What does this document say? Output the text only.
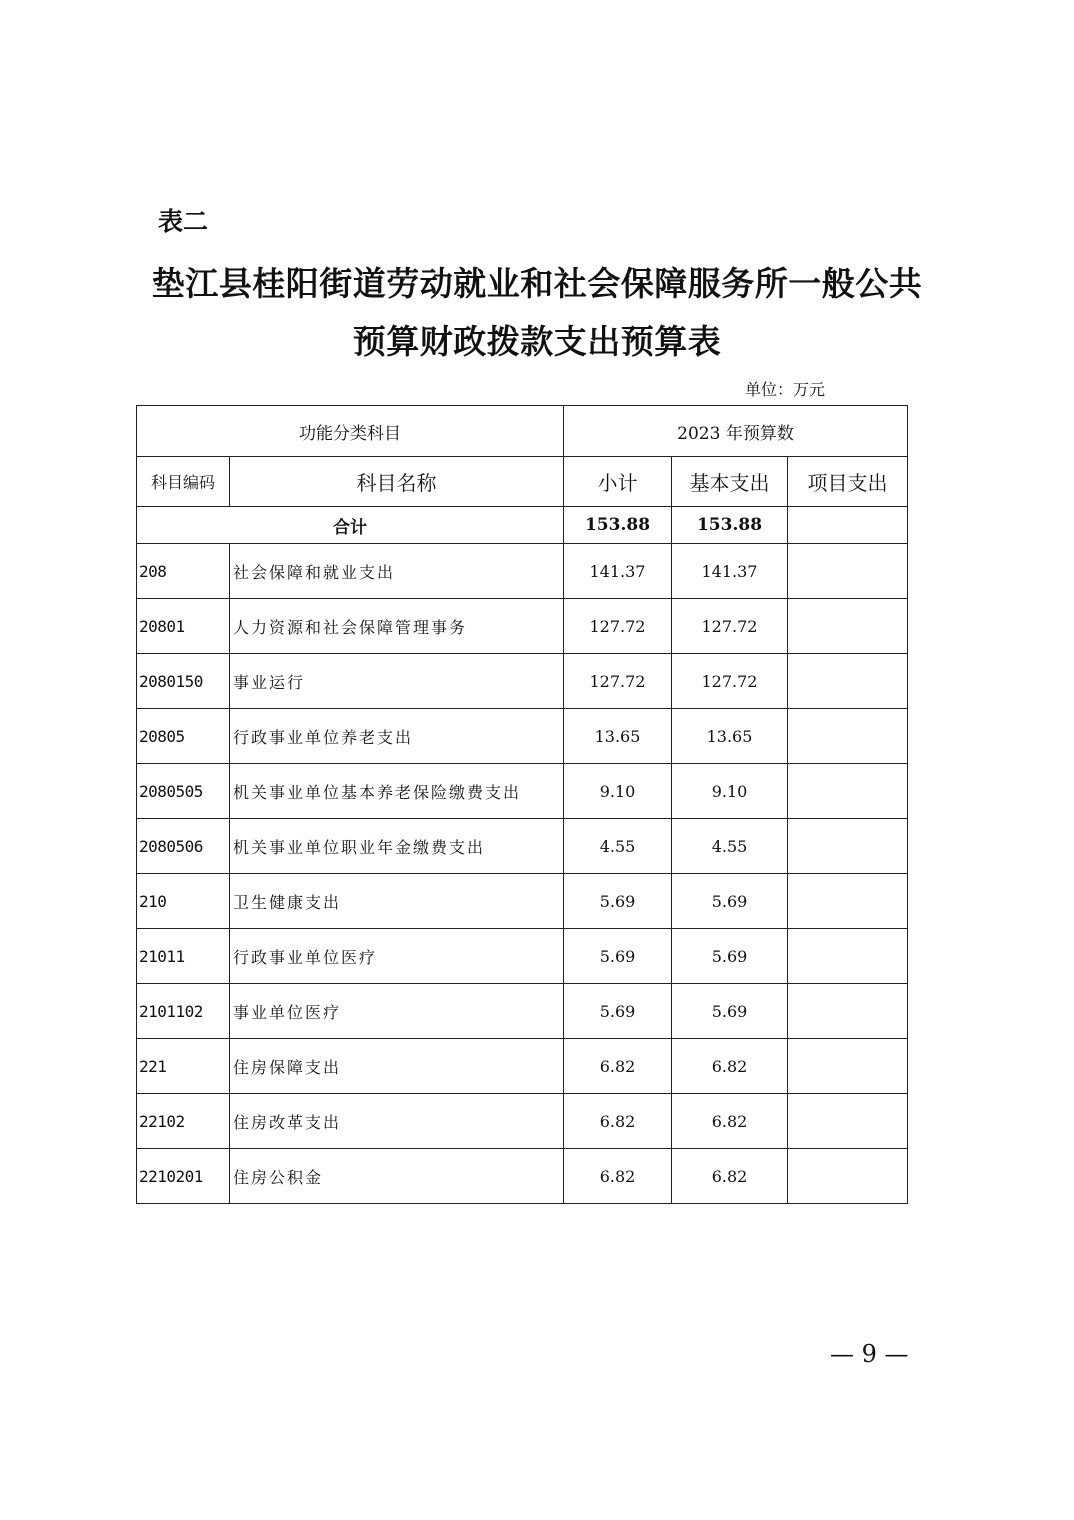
表二
垫江县桂阳街道劳动就业和社会保障服务所一般公共
预算财政拨款支出预算表
单位：万元
功能分类科目		2023 年预算数		
科目编码	科目名称	小计	基本支出	项目支出
合计		153.88	153.88	
208	社会保障和就业支出	141.37	141.37	
20801	人力资源和社会保障管理事务	127.72	127.72	
2080150	事业运行	127.72	127.72	
20805	行政事业单位养老支出	13.65	13.65	
2080505	机关事业单位基本养老保险缴费支出	9.10	9.10	
2080506	机关事业单位职业年金缴费支出	4.55	4.55	
210	卫生健康支出	5.69	5.69	
21011	行政事业单位医疗	5.69	5.69	
2101102	事业单位医疗	5.69	5.69	
221	住房保障支出	6.82	6.82	
22102	住房改革支出	6.82	6.82	
2210201	住房公积金	6.82	6.82	
— 9 —
